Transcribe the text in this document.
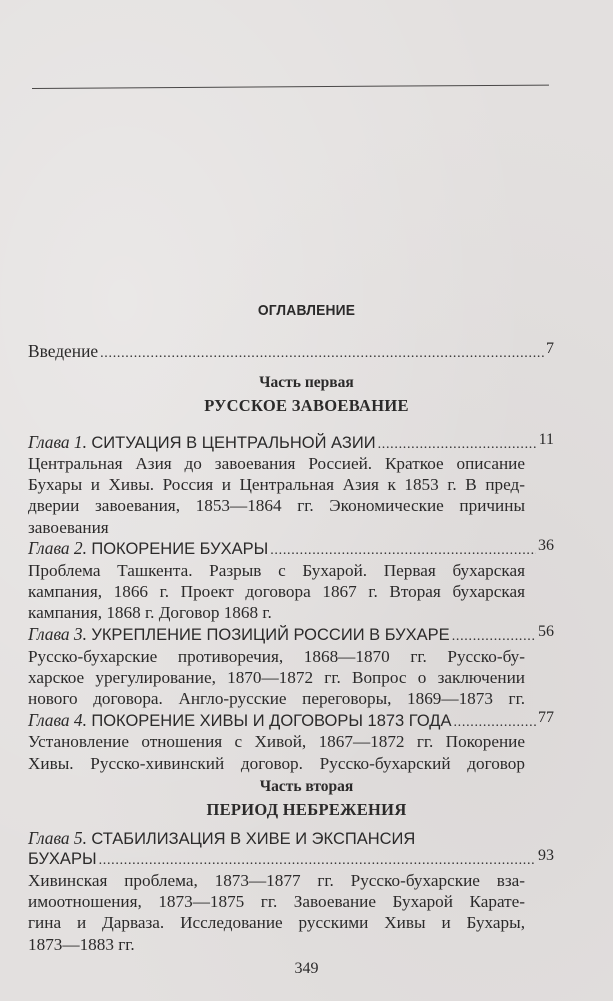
ОГЛАВЛЕНИЕ
Введение . . .	7
Часть первая
РУССКОЕ ЗАВОЕВАНИЕ
Глава 1. СИТУАЦИЯ В ЦЕНТРАЛЬНОЙ АЗИИ . . .	11
Центральная Азия до завоевания Россией. Краткое описание
Бухары и Хивы. Россия и Центральная Азия к 1853 г. В пред-
дверии завоевания, 1853—1864 гг. Экономические причины
завоевания
Глава 2. ПОКОРЕНИЕ БУХАРЫ . . .	36
Проблема Ташкента. Разрыв с Бухарой. Первая бухарская
кампания, 1866 г. Проект договора 1867 г. Вторая бухарская
кампания, 1868 г. Договор 1868 г.
Глава 3. УКРЕПЛЕНИЕ ПОЗИЦИЙ РОССИИ В БУХАРЕ . . .	56
Русско-бухарские противоречия, 1868—1870 гг. Русско-бу-
харское урегулирование, 1870—1872 гг. Вопрос о заключении
нового договора. Англо-русские переговоры, 1869—1873 гг.
Глава 4. ПОКОРЕНИЕ ХИВЫ И ДОГОВОРЫ 1873 ГОДА . . .	77
Установление отношения с Хивой, 1867—1872 гг. Покорение
Хивы. Русско-хивинский договор. Русско-бухарский договор
Часть вторая
ПЕРИОД НЕБРЕЖЕНИЯ
Глава 5. СТАБИЛИЗАЦИЯ В ХИВЕ И ЭКСПАНСИЯ
БУХАРЫ . . .	93
Хивинская проблема, 1873—1877 гг. Русско-бухарские вза-
имоотношения, 1873—1875 гг. Завоевание Бухарой Карате-
гина и Дарваза. Исследование русскими Хивы и Бухары,
1873—1883 гг.
349
